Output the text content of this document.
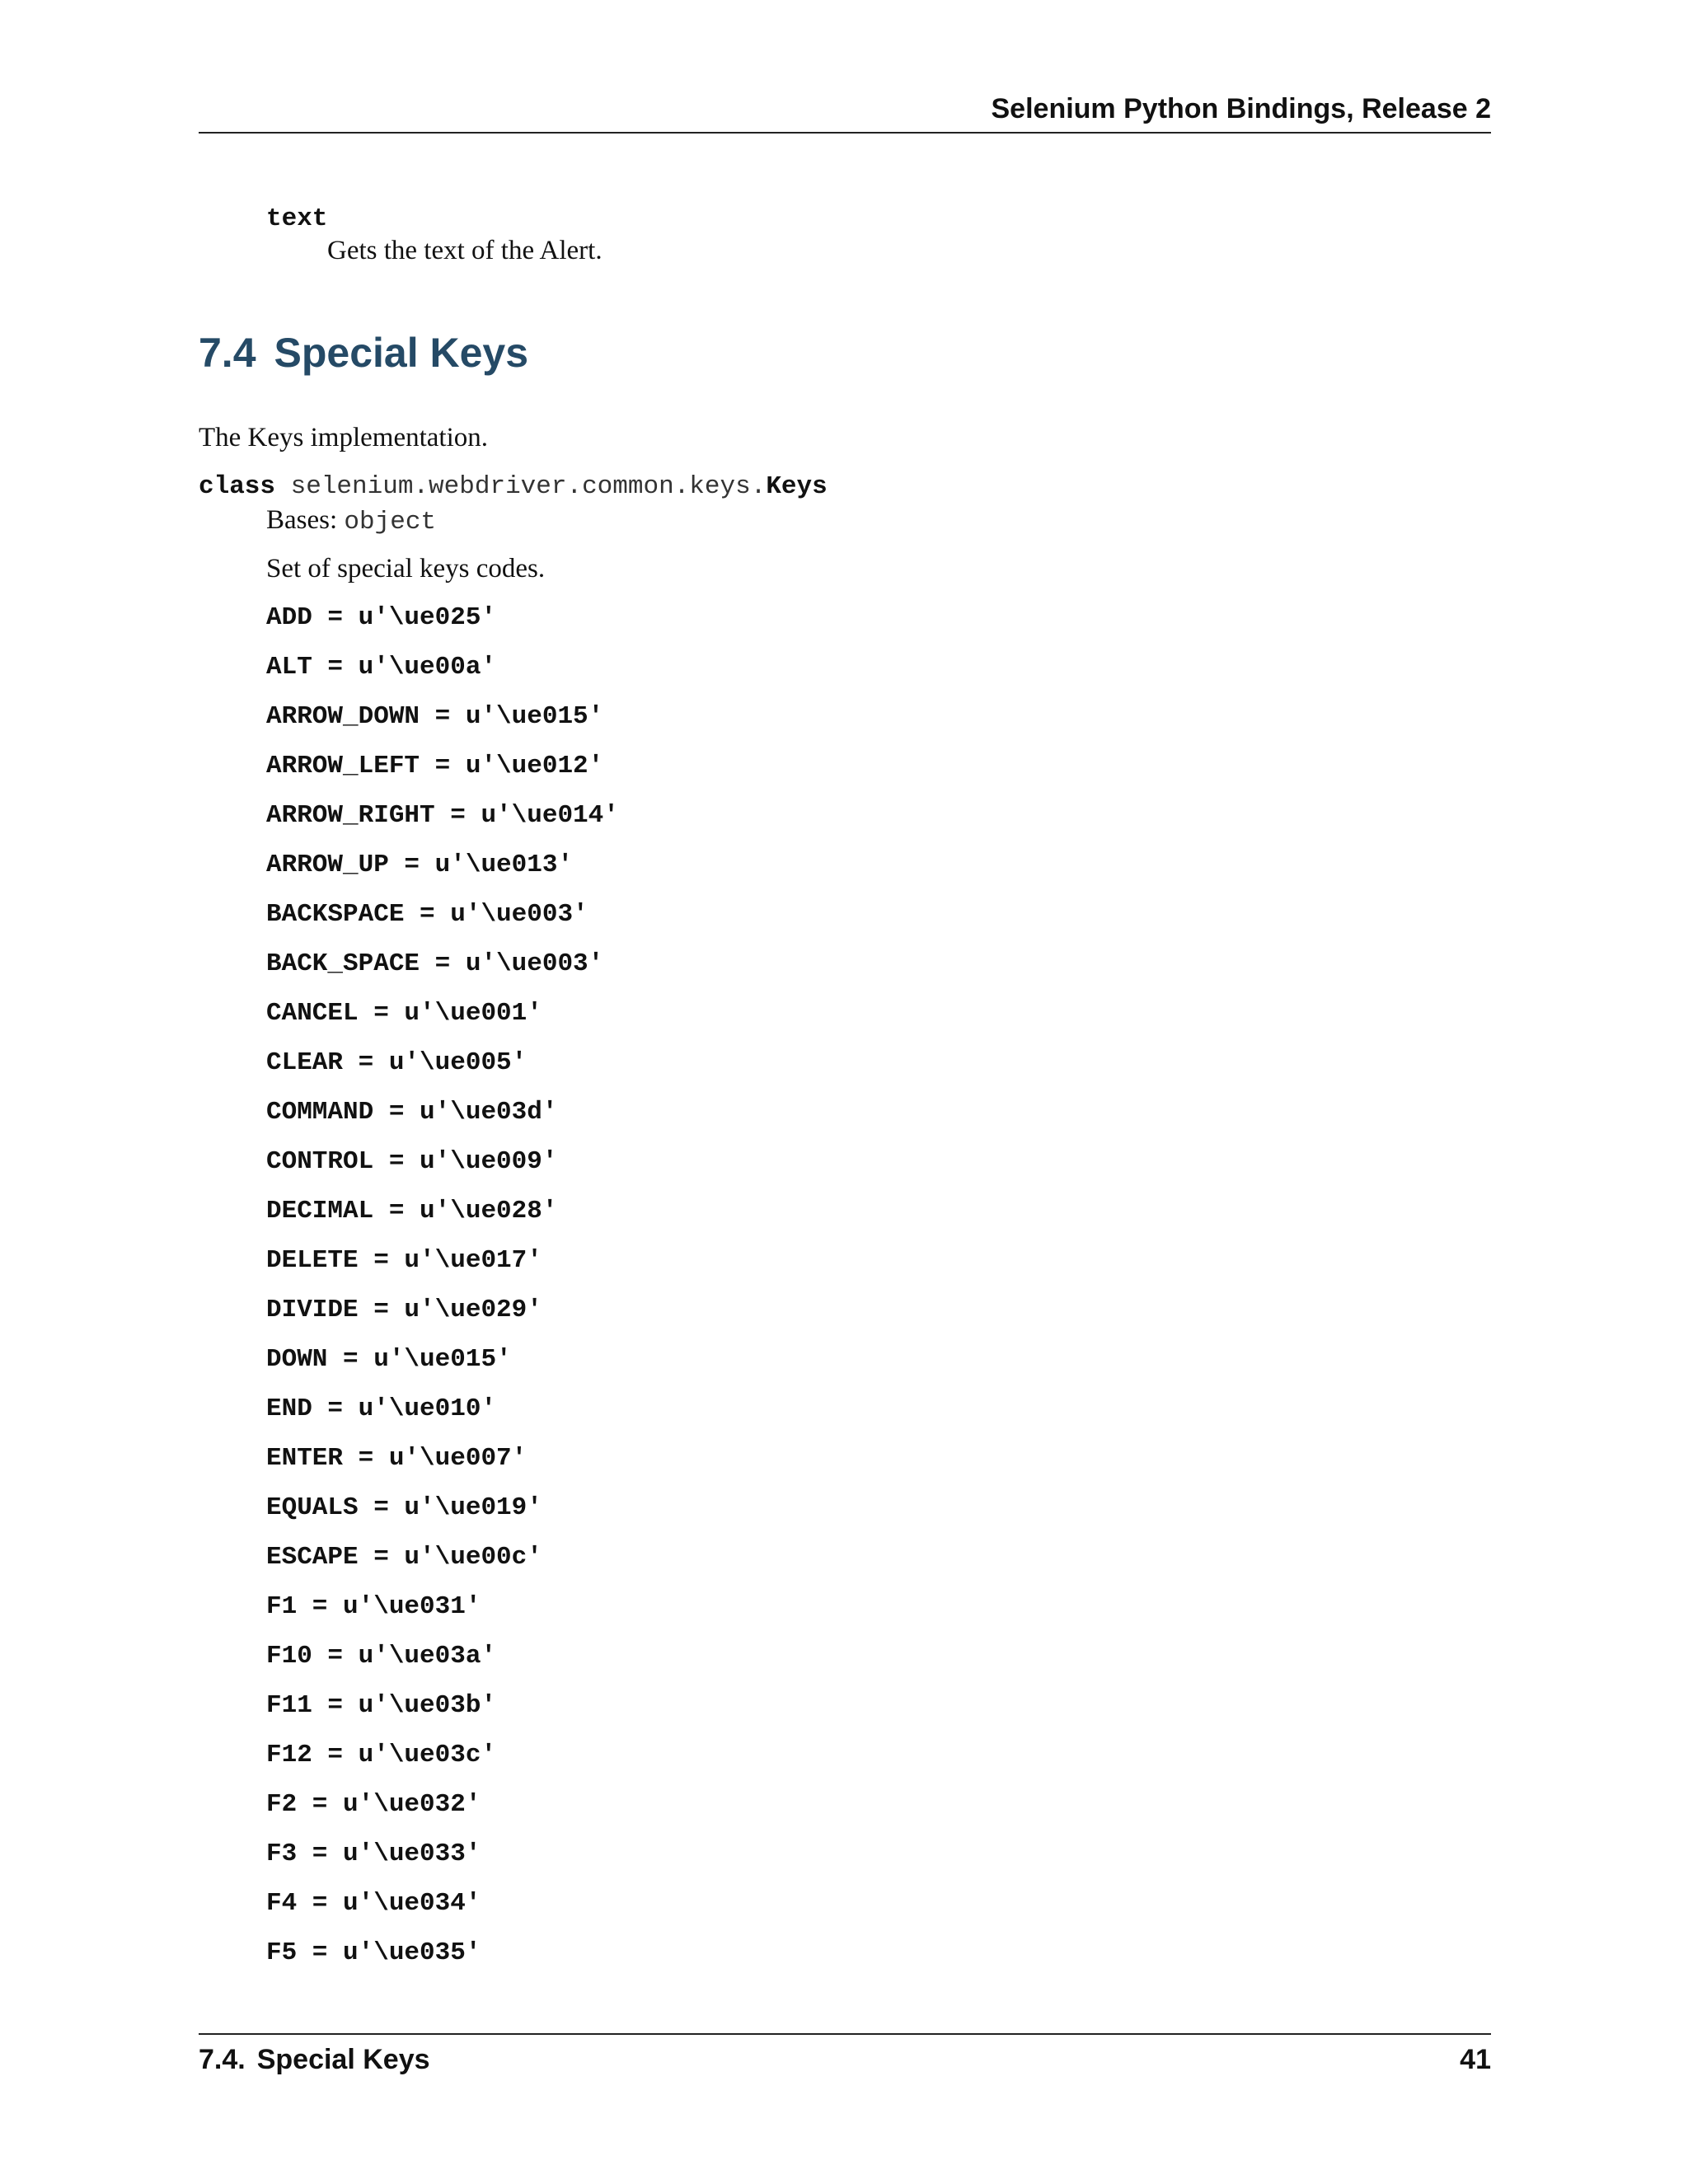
Selenium Python Bindings, Release 2
text
Gets the text of the Alert.
7.4 Special Keys

The Keys implementation.

class selenium.webdriver.common.keys.Keys
Bases: object
Set of special keys codes.
ADD = u'\ue025'
ALT = u'\ue00a'
ARROW_DOWN = u'\ue015'
ARROW_LEFT = u'\ue012'
ARROW_RIGHT = u'\ue014'
ARROW_UP = u'\ue013'
BACKSPACE = u'\ue003'
BACK_SPACE = u'\ue003'
CANCEL = u'\ue001'
CLEAR = u'\ue005'
COMMAND = u'\ue03d'
CONTROL = u'\ue009'
DECIMAL = u'\ue028'
DELETE = u'\ue017'
DIVIDE = u'\ue029'
DOWN = u'\ue015'
END = u'\ue010'
ENTER = u'\ue007'
EQUALS = u'\ue019'
ESCAPE = u'\ue00c'
F1 = u'\ue031'
F10 = u'\ue03a'
F11 = u'\ue03b'
F12 = u'\ue03c'
F2 = u'\ue032'
F3 = u'\ue033'
F4 = u'\ue034'
F5 = u'\ue035'
7.4. Special Keys	41
